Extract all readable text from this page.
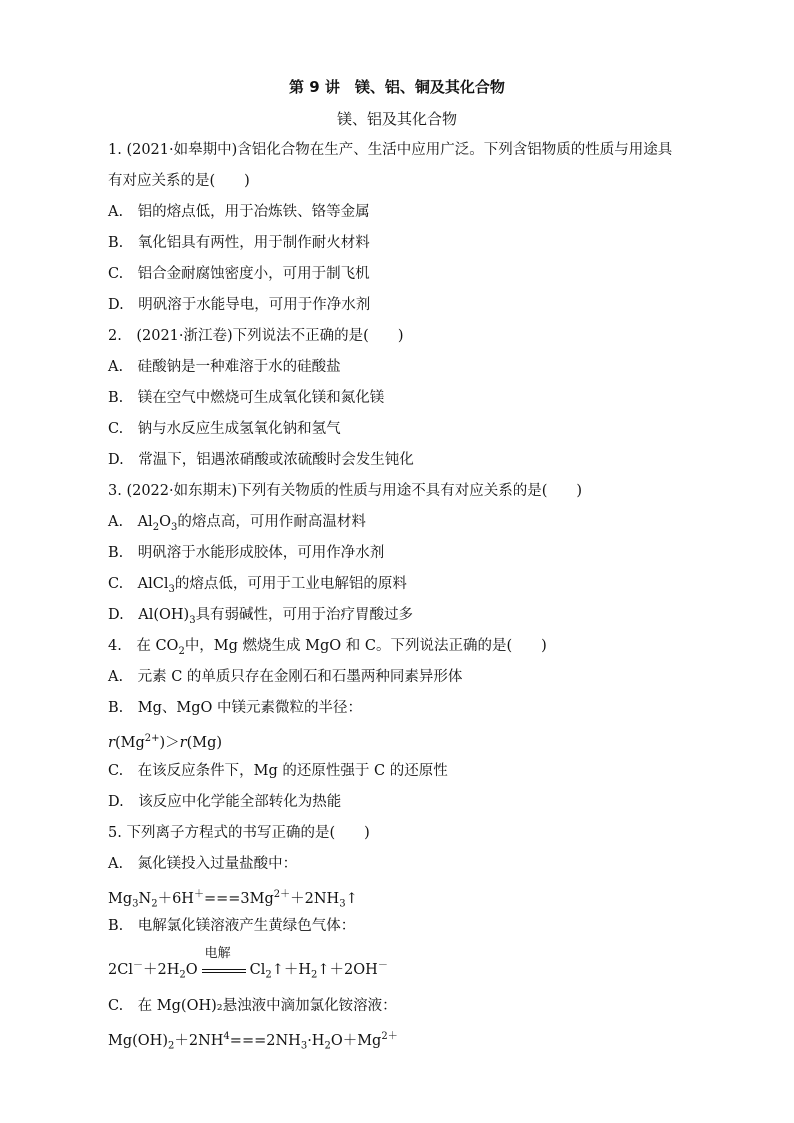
第 9 讲　镁、铝、铜及其化合物
镁、铝及其化合物
1. (2021·如皋期中)含铝化合物在生产、生活中应用广泛。下列含铝物质的性质与用途具
有对应关系的是(　　)
A.　铝的熔点低，用于冶炼铁、铬等金属
B.　氧化铝具有两性，用于制作耐火材料
C.　铝合金耐腐蚀密度小，可用于制飞机
D.　明矾溶于水能导电，可用于作净水剂
2.　(2021·浙江卷)下列说法不正确的是(　　)
A.　硅酸钠是一种难溶于水的硅酸盐
B.　镁在空气中燃烧可生成氧化镁和氮化镁
C.　钠与水反应生成氢氧化钠和氢气
D.　常温下，铝遇浓硝酸或浓硫酸时会发生钝化
3. (2022·如东期末)下列有关物质的性质与用途不具有对应关系的是(　　)
A.　$Al_2O_3$的熔点高，可用作耐高温材料
B.　明矾溶于水能形成胶体，可用作净水剂
C.　AlCl$_3$的熔点低，可用于工业电解铝的原料
D.　$Al(OH)_3$具有弱碱性，可用于治疗胃酸过多
4.　在 $CO_2$中，Mg 燃烧生成 MgO 和 C。下列说法正确的是(　　)
A.　元素 C 的单质只存在金刚石和石墨两种同素异形体
B.　Mg、MgO 中镁元素微粒的半径：
$r(Mg^{2+})>r(Mg)$
C.　在该反应条件下，Mg 的还原性强于 C 的还原性
D.　该反应中化学能全部转化为热能
5. 下列离子方程式的书写正确的是(　　)
A.　氮化镁投入过量盐酸中：
$Mg_3N_2+6H^+===3Mg^{2+}+2NH_3↑$
B.　电解氯化镁溶液产生黄绿色气体：
$2Cl^-+2H_2O$
电解
$Cl_2↑+H_2↑+2OH^-$
C.　在 Mg(OH)₂悬浊液中滴加氯化铵溶液：
$Mg(OH)_2+2NH^4===2NH_3\cdot H_2O+Mg^{2+}$
